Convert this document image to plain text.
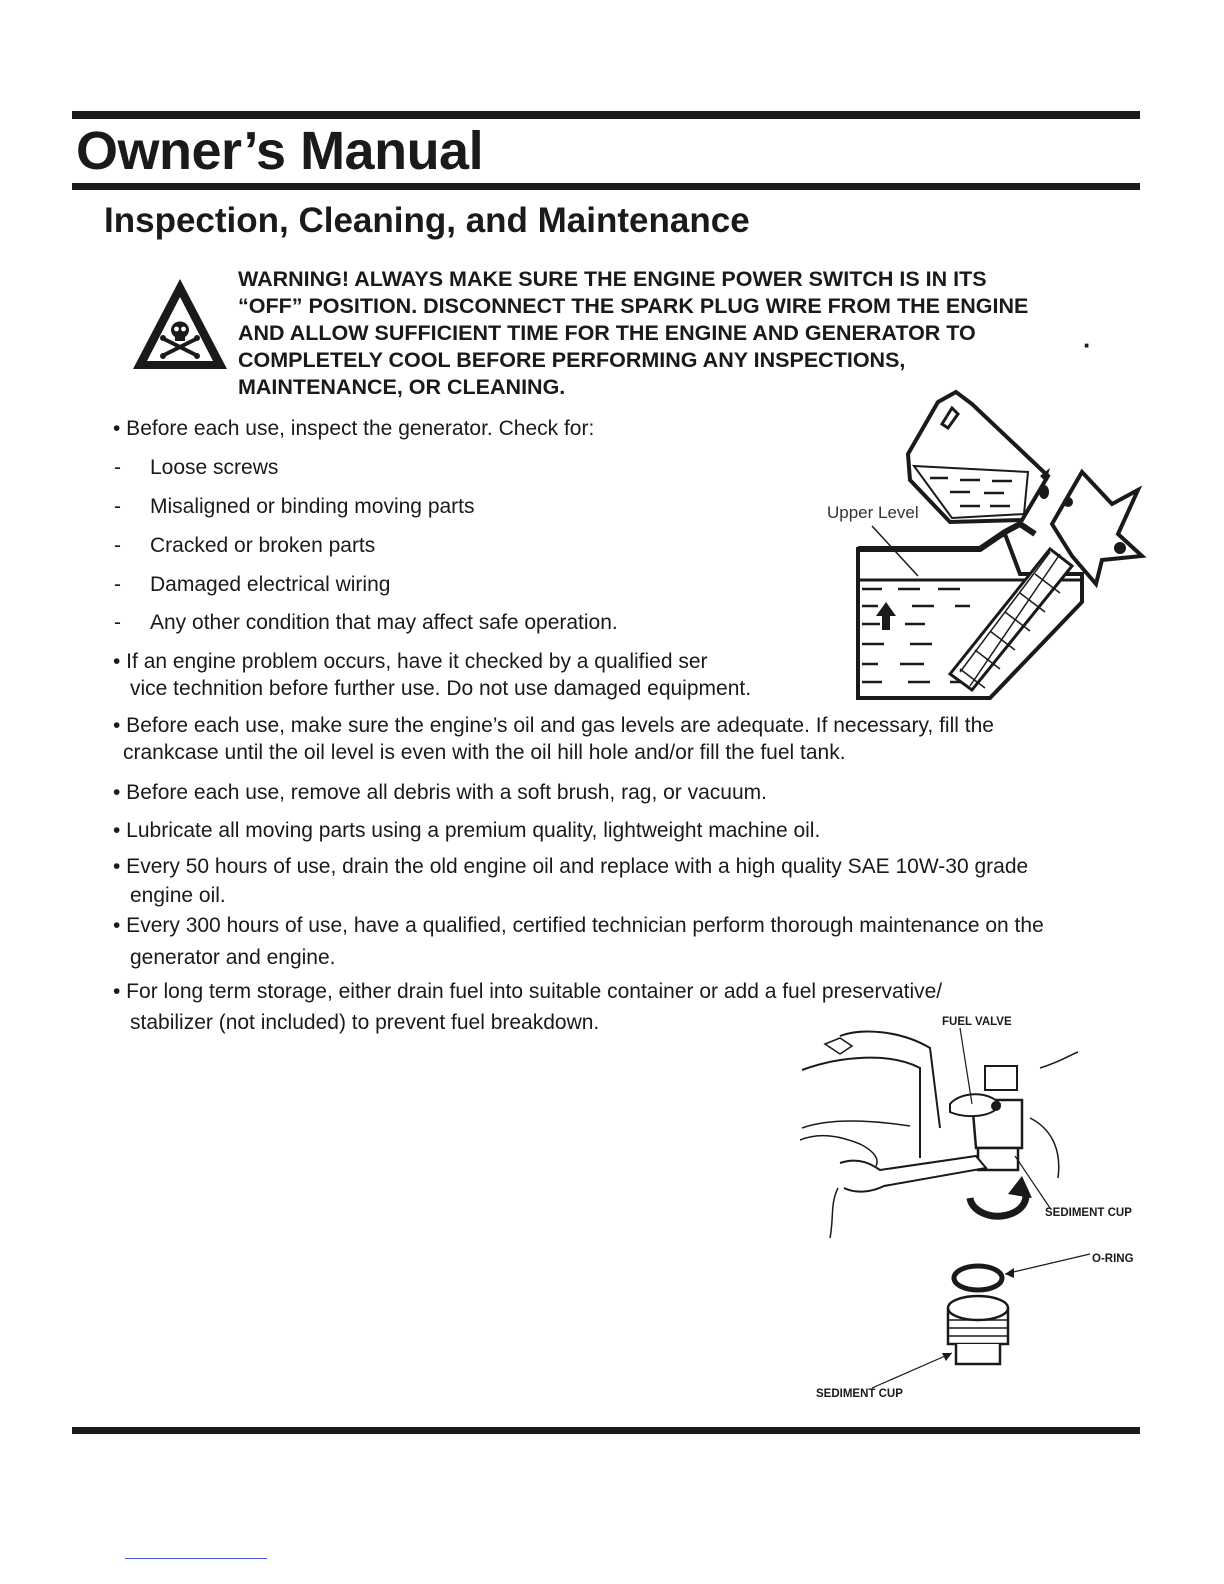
Owner’s Manual
Inspection, Cleaning, and Maintenance
WARNING! ALWAYS MAKE SURE THE ENGINE POWER SWITCH IS IN ITS
“OFF” POSITION. DISCONNECT THE SPARK PLUG WIRE FROM THE ENGINE
AND ALLOW SUFFICIENT TIME FOR THE ENGINE AND GENERATOR TO
COMPLETELY COOL BEFORE PERFORMING ANY INSPECTIONS,
MAINTENANCE, OR CLEANING.
·
• Before each use, inspect the generator. Check for:
- Loose screws
- Misaligned or binding moving parts
- Cracked or broken parts
- Damaged electrical wiring
- Any other condition that may affect safe operation.
• If an engine problem occurs, have it checked by a qualified ser
vice technition before further use. Do not use damaged equipment.
• Before each use, make sure the engine’s oil and gas levels are adequate. If necessary, fill the
crankcase until the oil level is even with the oil hill hole and/or fill the fuel tank.
• Before each use, remove all debris with a soft brush, rag, or vacuum.
• Lubricate all moving parts using a premium quality, lightweight machine oil.
• Every 50 hours of use, drain the old engine oil and replace with a high quality SAE 10W-30 grade
engine oil.
• Every 300 hours of use, have a qualified, certified technician perform thorough maintenance on the
generator and engine.
• For long term storage, either drain fuel into suitable container or add a fuel preservative/
stabilizer (not included) to prevent fuel breakdown.
Upper Level
FUEL VALVE
SEDIMENT CUP
O-RING
SEDIMENT CUP
